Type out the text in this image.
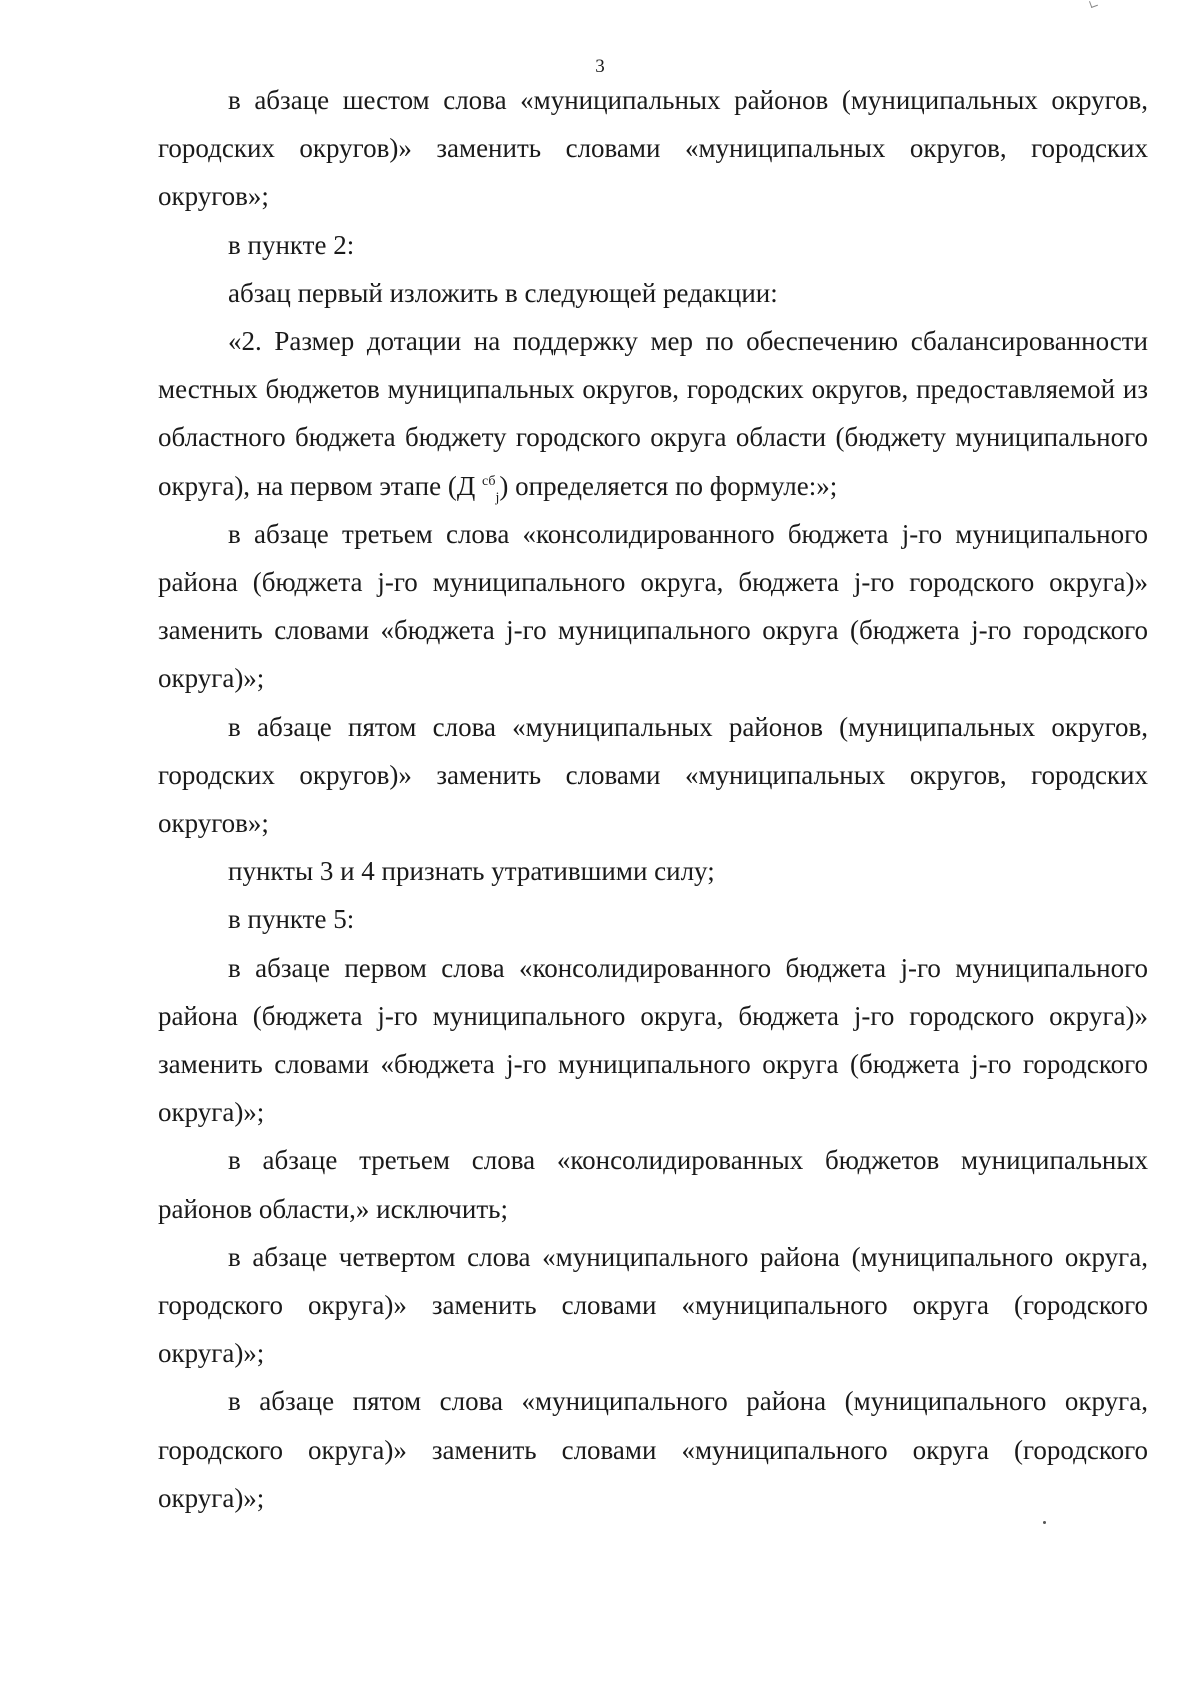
3

в абзаце шестом слова «муниципальных районов (муниципальных округов, городских округов)» заменить словами «муниципальных округов, городских округов»;

в пункте 2:

абзац первый изложить в следующей редакции:

«2. Размер дотации на поддержку мер по обеспечению сбалансированности местных бюджетов муниципальных округов, городских округов, предоставляемой из областного бюджета бюджету городского округа области (бюджету муниципального округа), на первом этапе (Д $^{сб}_j$) определяется по формуле:»;

в абзаце третьем слова «консолидированного бюджета j-го муниципального района (бюджета j-го муниципального округа, бюджета j-го городского округа)» заменить словами «бюджета j-го муниципального округа (бюджета j-го городского округа)»;

в абзаце пятом слова «муниципальных районов (муниципальных округов, городских округов)» заменить словами «муниципальных округов, городских округов»;

пункты 3 и 4 признать утратившими силу;

в пункте 5:

в абзаце первом слова «консолидированного бюджета j-го муниципального района (бюджета j-го муниципального округа, бюджета j-го городского округа)» заменить словами «бюджета j-го муниципального округа (бюджета j-го городского округа)»;

в абзаце третьем слова «консолидированных бюджетов муниципальных районов области,» исключить;

в абзаце четвертом слова «муниципального района (муниципального округа, городского округа)» заменить словами «муниципального округа (городского округа)»;

в абзаце пятом слова «муниципального района (муниципального округа, городского округа)» заменить словами «муниципального округа (городского округа)»;
